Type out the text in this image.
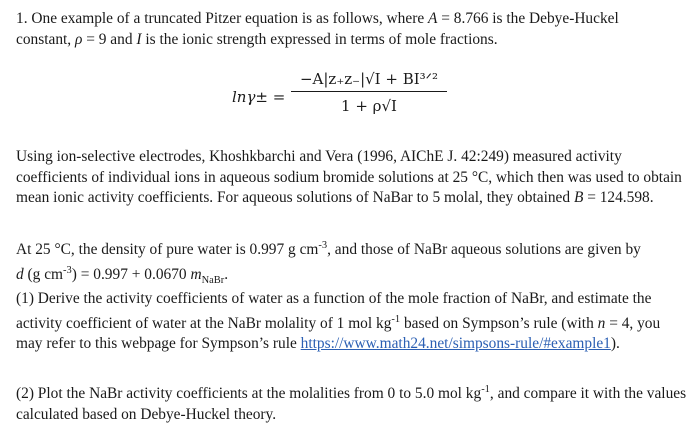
1. One example of a truncated Pitzer equation is as follows, where A = 8.766 is the Debye-Huckel
constant, ρ = 9 and I is the ionic strength expressed in terms of mole fractions.
lnγ± =
−A|z₊z₋|√I + BI³ᐟ²
1 + ρ√I
Using ion-selective electrodes, Khoshkbarchi and Vera (1996, AIChE J. 42:249) measured activity coefficients of individual ions in aqueous sodium bromide solutions at 25 °C, which then was used to obtain mean ionic activity coefficients. For aqueous solutions of NaBar to 5 molal, they obtained B = 124.598.
At 25 °C, the density of pure water is 0.997 g $cm^{-3}$, and those of NaBr aqueous solutions are given by
d (g $cm^{-3}) = 0.997 + 0.0670$ $m_{NaBr}$.
(1) Derive the activity coefficients of water as a function of the mole fraction of NaBr, and estimate the activity coefficient of water at the NaBr molality of 1 mol $kg^{-1}$ based on Sympson’s rule (with n = 4, you may refer to this webpage for Sympson’s rule https://www.math24.net/simpsons-rule/#example1).
(2) Plot the NaBr activity coefficients at the molalities from 0 to 5.0 mol $kg^{-1}$, and compare it with the values calculated based on Debye-Huckel theory.
